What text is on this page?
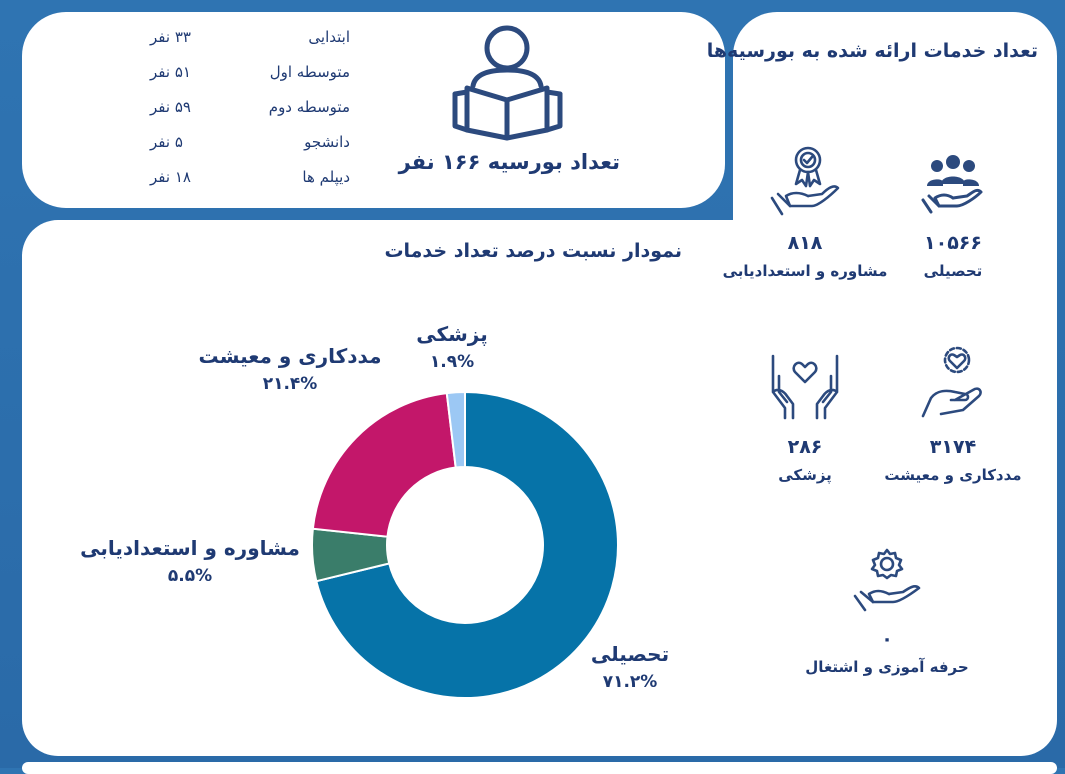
ابتدایی
۳۳ نفر
متوسطه اول
۵۱ نفر
متوسطه دوم
۵۹ نفر
دانشجو
۵ نفر
دیپلم ها
۱۸ نفر
تعداد بورسیه ۱۶۶ نفر
تعداد خدمات ارائه شده به بورسیه‌ها
۱۰۵۶۶
تحصیلی
۸۱۸
مشاوره و استعدادیابی
۳۱۷۴
مددکاری و معیشت
۲۸۶
پزشکی
۰
حرفه آموزی و اشتغال
نمودار نسبت درصد تعداد خدمات
تحصیلی
۷۱.۲%
مشاوره و استعدادیابی
۵.۵%
مددکاری و معیشت
۲۱.۴%
پزشکی
۱.۹%
